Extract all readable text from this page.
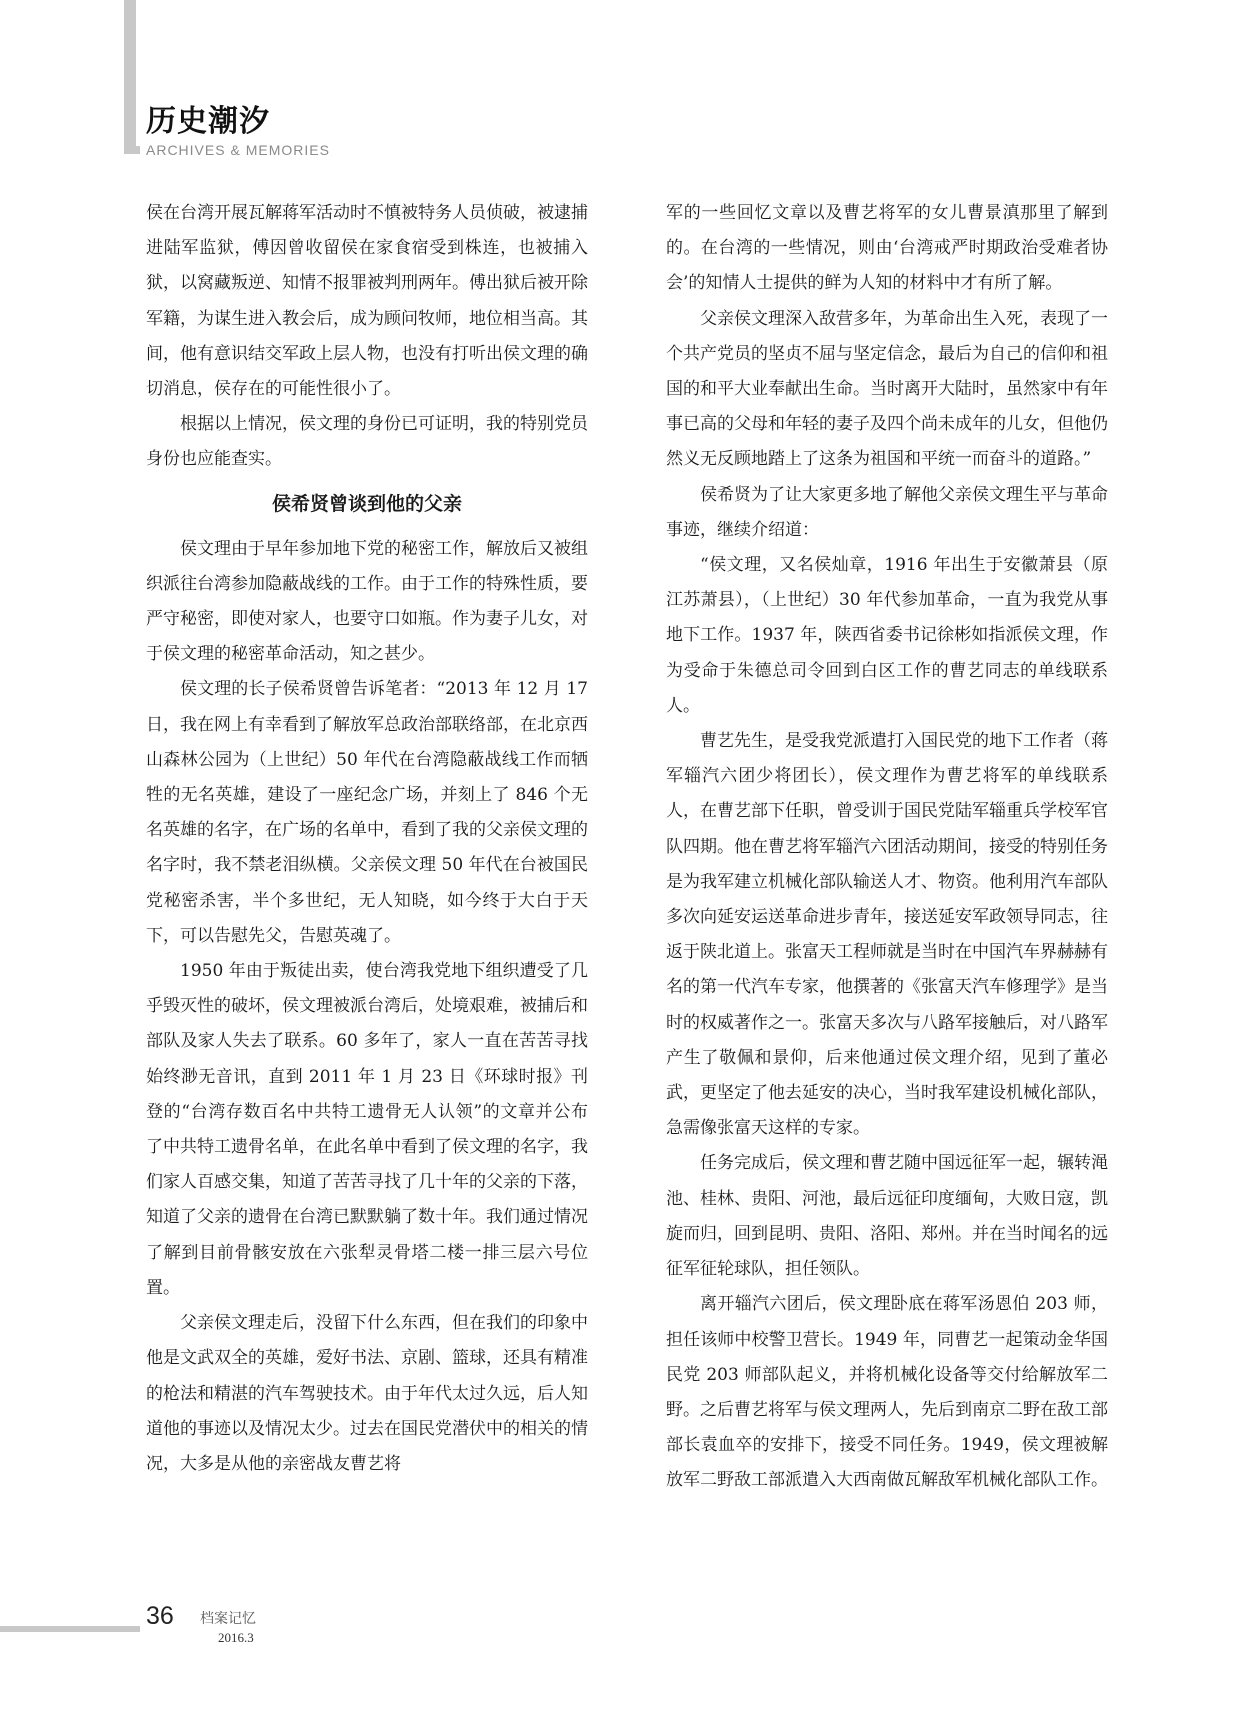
历史潮汐
ARCHIVES & MEMORIES

侯在台湾开展瓦解蒋军活动时不慎被特务人员侦破，被逮捕进陆军监狱，傅因曾收留侯在家食宿受到株连，也被捕入狱，以窝藏叛逆、知情不报罪被判刑两年。傅出狱后被开除军籍，为谋生进入教会后，成为顾问牧师，地位相当高。其间，他有意识结交军政上层人物，也没有打听出侯文理的确切消息，侯存在的可能性很小了。

根据以上情况，侯文理的身份已可证明，我的特别党员身份也应能查实。

侯希贤曾谈到他的父亲

侯文理由于早年参加地下党的秘密工作，解放后又被组织派往台湾参加隐蔽战线的工作。由于工作的特殊性质，要严守秘密，即使对家人，也要守口如瓶。作为妻子儿女，对于侯文理的秘密革命活动，知之甚少。

侯文理的长子侯希贤曾告诉笔者：“2013 年 12 月 17 日，我在网上有幸看到了解放军总政治部联络部，在北京西山森林公园为（上世纪）50 年代在台湾隐蔽战线工作而牺牲的无名英雄，建设了一座纪念广场，并刻上了 846 个无名英雄的名字，在广场的名单中，看到了我的父亲侯文理的名字时，我不禁老泪纵横。父亲侯文理 50 年代在台被国民党秘密杀害，半个多世纪，无人知晓，如今终于大白于天下，可以告慰先父，告慰英魂了。

1950 年由于叛徒出卖，使台湾我党地下组织遭受了几乎毁灭性的破坏，侯文理被派台湾后，处境艰难，被捕后和部队及家人失去了联系。60 多年了，家人一直在苦苦寻找始终渺无音讯，直到 2011 年 1 月 23 日《环球时报》刊登的“台湾存数百名中共特工遗骨无人认领”的文章并公布了中共特工遗骨名单，在此名单中看到了侯文理的名字，我们家人百感交集，知道了苦苦寻找了几十年的父亲的下落，知道了父亲的遗骨在台湾已默默躺了数十年。我们通过情况了解到目前骨骸安放在六张犁灵骨塔二楼一排三层六号位置。

父亲侯文理走后，没留下什么东西，但在我们的印象中他是文武双全的英雄，爱好书法、京剧、篮球，还具有精准的枪法和精湛的汽车驾驶技术。由于年代太过久远，后人知道他的事迹以及情况太少。过去在国民党潜伏中的相关的情况，大多是从他的亲密战友曹艺将

军的一些回忆文章以及曹艺将军的女儿曹景滇那里了解到的。在台湾的一些情况，则由‘台湾戒严时期政治受难者协会’的知情人士提供的鲜为人知的材料中才有所了解。

父亲侯文理深入敌营多年，为革命出生入死，表现了一个共产党员的坚贞不屈与坚定信念，最后为自己的信仰和祖国的和平大业奉献出生命。当时离开大陆时，虽然家中有年事已高的父母和年轻的妻子及四个尚未成年的儿女，但他仍然义无反顾地踏上了这条为祖国和平统一而奋斗的道路。”

侯希贤为了让大家更多地了解他父亲侯文理生平与革命事迹，继续介绍道：

“侯文理，又名侯灿章，1916 年出生于安徽萧县（原江苏萧县），（上世纪）30 年代参加革命，一直为我党从事地下工作。1937 年，陕西省委书记徐彬如指派侯文理，作为受命于朱德总司令回到白区工作的曹艺同志的单线联系人。

曹艺先生，是受我党派遣打入国民党的地下工作者（蒋军辎汽六团少将团长），侯文理作为曹艺将军的单线联系人，在曹艺部下任职，曾受训于国民党陆军辎重兵学校军官队四期。他在曹艺将军辎汽六团活动期间，接受的特别任务是为我军建立机械化部队输送人才、物资。他利用汽车部队多次向延安运送革命进步青年，接送延安军政领导同志，往返于陕北道上。张富天工程师就是当时在中国汽车界赫赫有名的第一代汽车专家，他撰著的《张富天汽车修理学》是当时的权威著作之一。张富天多次与八路军接触后，对八路军产生了敬佩和景仰，后来他通过侯文理介绍，见到了董必武，更坚定了他去延安的决心，当时我军建设机械化部队，急需像张富天这样的专家。

任务完成后，侯文理和曹艺随中国远征军一起，辗转渑池、桂林、贵阳、河池，最后远征印度缅甸，大败日寇，凯旋而归，回到昆明、贵阳、洛阳、郑州。并在当时闻名的远征军征轮球队，担任领队。

离开辎汽六团后，侯文理卧底在蒋军汤恩伯 203 师，担任该师中校警卫营长。1949 年，同曹艺一起策动金华国民党 203 师部队起义，并将机械化设备等交付给解放军二野。之后曹艺将军与侯文理两人，先后到南京二野在敌工部部长袁血卒的安排下，接受不同任务。1949，侯文理被解放军二野敌工部派遣入大西南做瓦解敌军机械化部队工作。

36 档案记忆
2016.3
